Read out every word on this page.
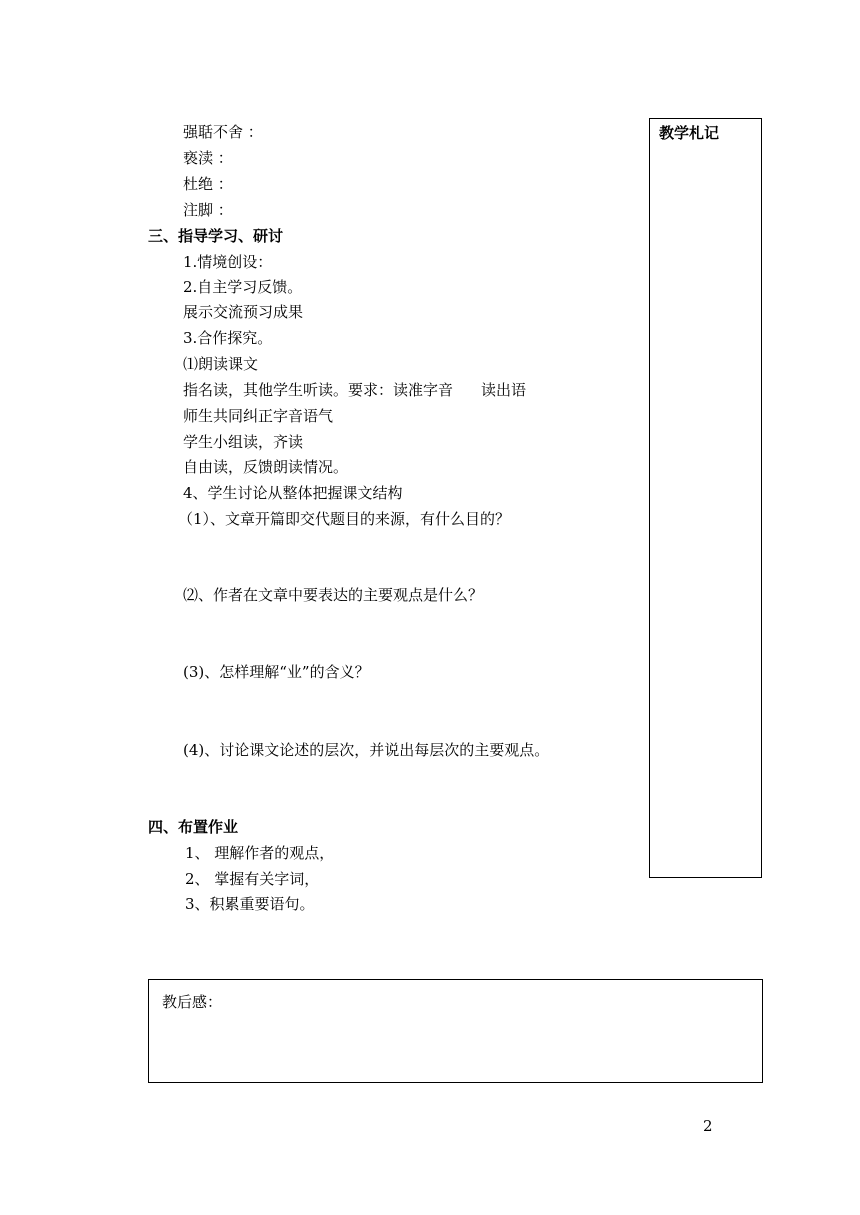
强聒不舍 ：
亵渎 ：
杜绝 ：
注脚 ：
三、指导学习、研讨
1.情境创设：
2.自主学习反馈。
展示交流预习成果
3.合作探究。
⑴朗读课文
指名读，其他学生听读。要求：读准字音 读出语
师生共同纠正字音语气
学生小组读，齐读
自由读，反馈朗读情况。
4、学生讨论从整体把握课文结构
（1）、文章开篇即交代题目的来源，有什么目的？
⑵、作者在文章中要表达的主要观点是什么？
(3)、怎样理解“业”的含义？
(4)、讨论课文论述的层次，并说出每层次的主要观点。
四、布置作业
1、 理解作者的观点，
2、 掌握有关字词，
3、积累重要语句。
教学札记
教后感：
2
